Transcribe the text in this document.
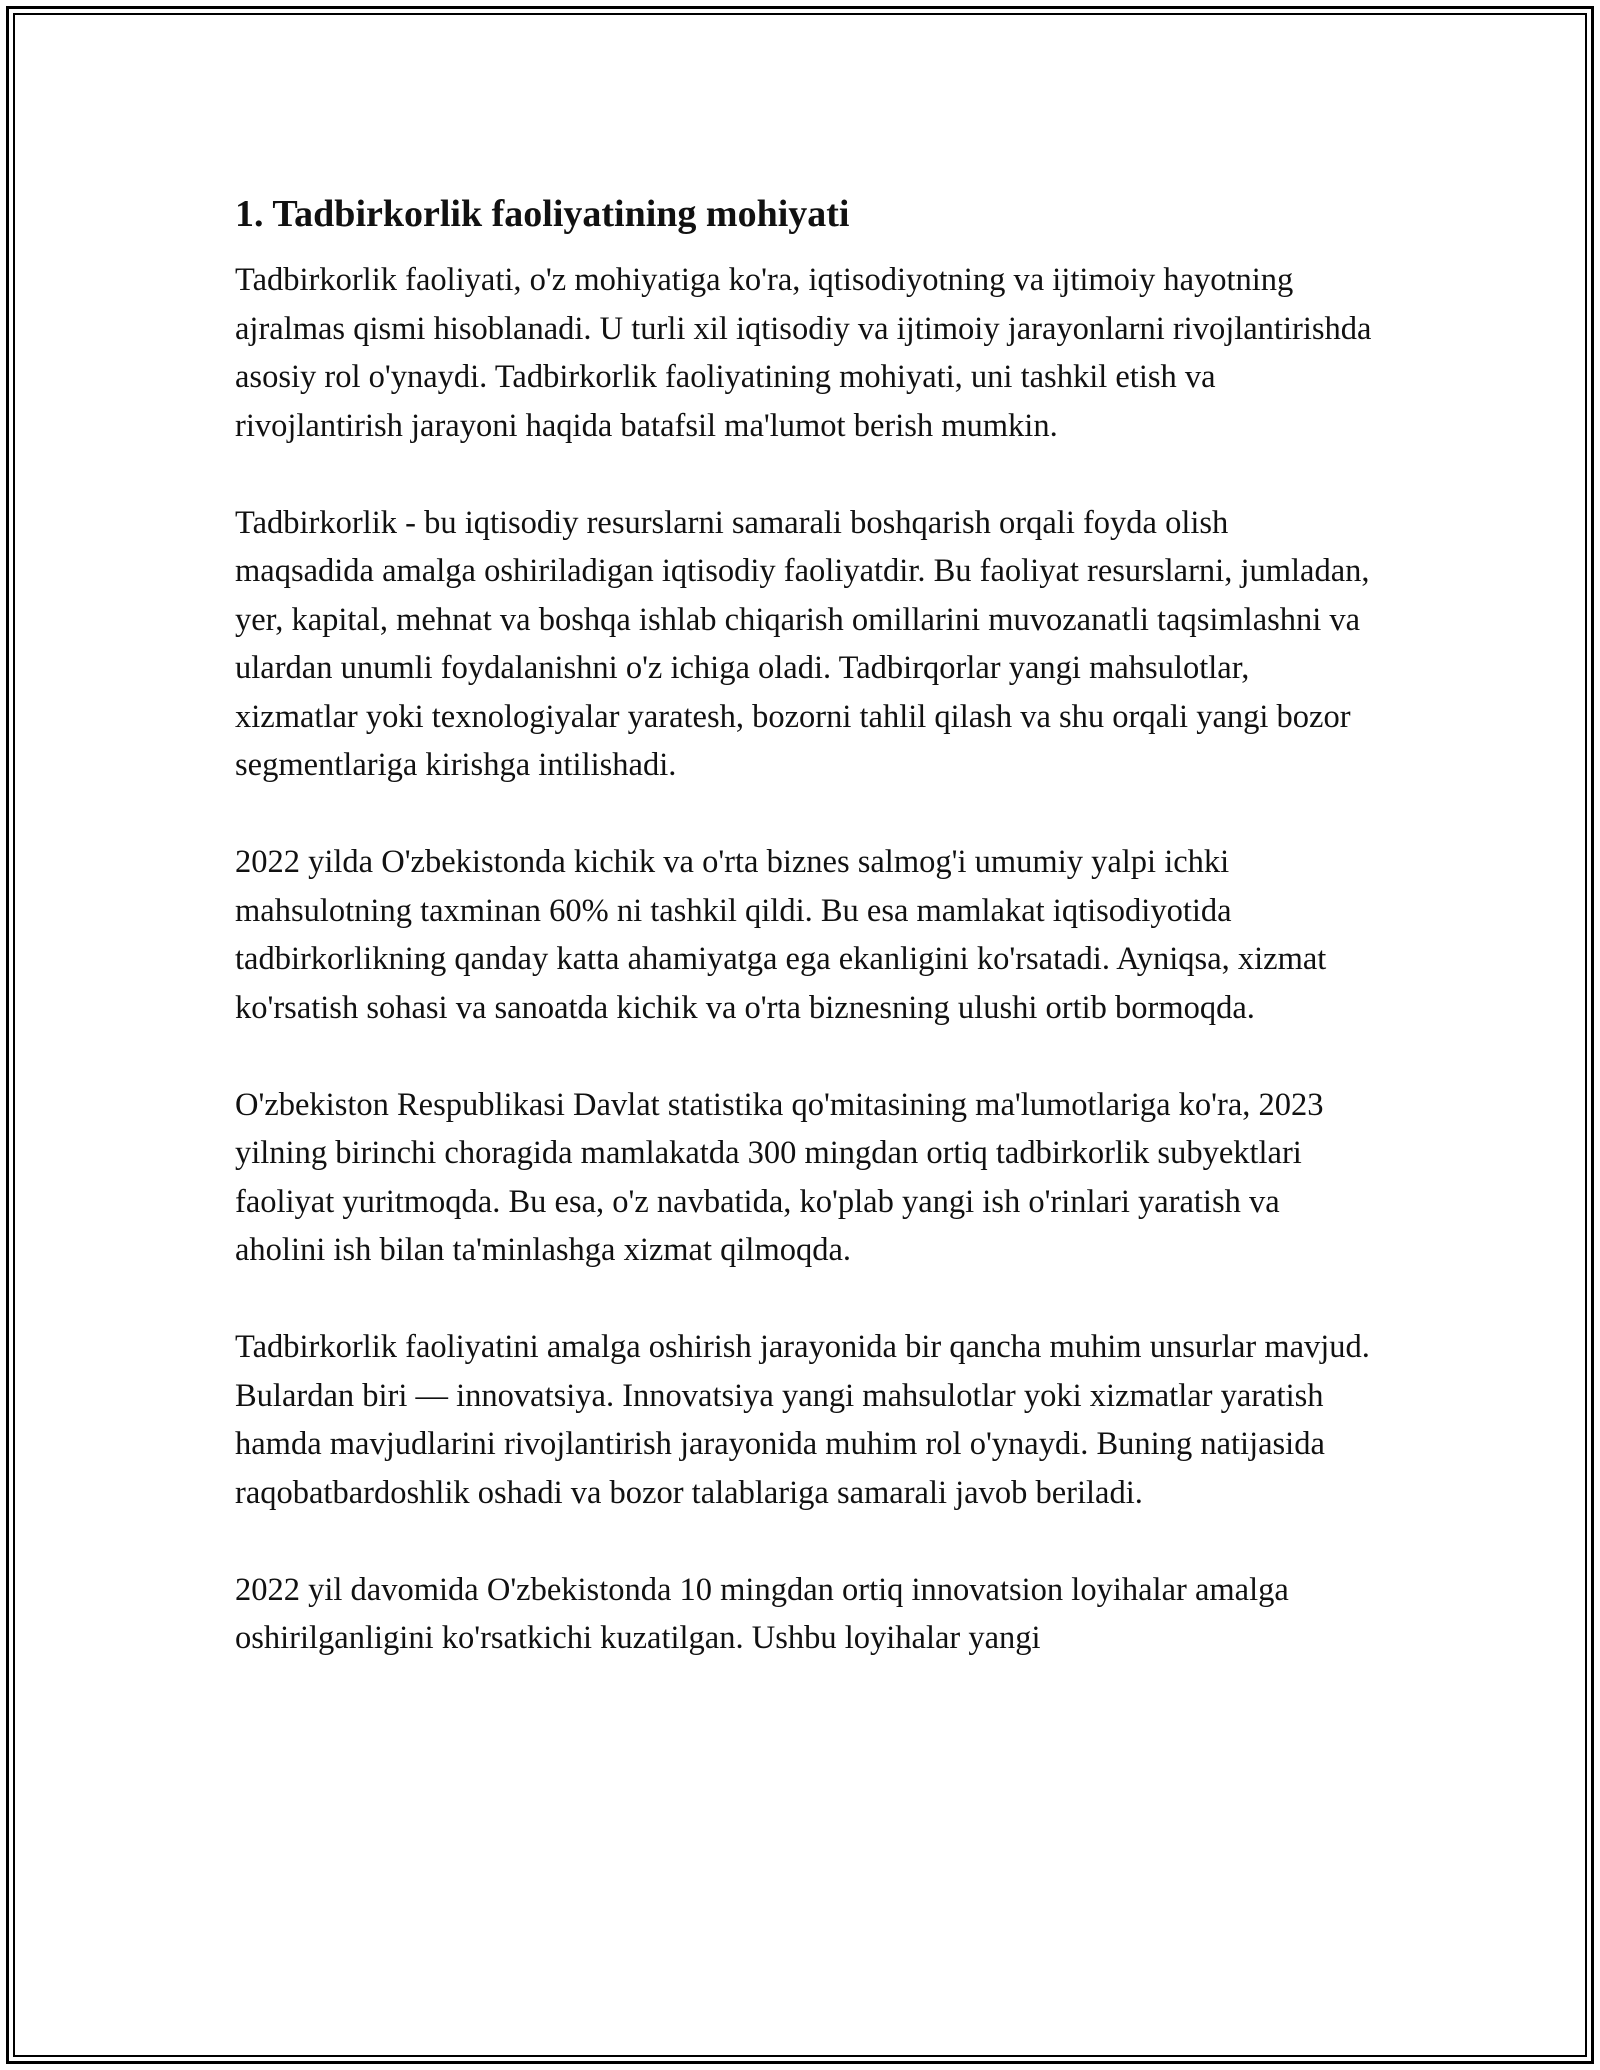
1. Tadbirkorlik faoliyatining mohiyati

Tadbirkorlik faoliyati, o'z mohiyatiga ko'ra, iqtisodiyotning va ijtimoiy hayotning ajralmas qismi hisoblanadi. U turli xil iqtisodiy va ijtimoiy jarayonlarni rivojlantirishda asosiy rol o'ynaydi. Tadbirkorlik faoliyatining mohiyati, uni tashkil etish va rivojlantirish jarayoni haqida batafsil ma'lumot berish mumkin.

Tadbirkorlik - bu iqtisodiy resurslarni samarali boshqarish orqali foyda olish maqsadida amalga oshiriladigan iqtisodiy faoliyatdir. Bu faoliyat resurslarni, jumladan, yer, kapital, mehnat va boshqa ishlab chiqarish omillarini muvozanatli taqsimlashni va ulardan unumli foydalanishni o'z ichiga oladi. Tadbirqorlar yangi mahsulotlar, xizmatlar yoki texnologiyalar yaratesh, bozorni tahlil qilash va shu orqali yangi bozor segmentlariga kirishga intilishadi.

2022 yilda O'zbekistonda kichik va o'rta biznes salmog'i umumiy yalpi ichki mahsulotning taxminan 60% ni tashkil qildi. Bu esa mamlakat iqtisodiyotida tadbirkorlikning qanday katta ahamiyatga ega ekanligini ko'rsatadi. Ayniqsa, xizmat ko'rsatish sohasi va sanoatda kichik va o'rta biznesning ulushi ortib bormoqda.

O'zbekiston Respublikasi Davlat statistika qo'mitasining ma'lumotlariga ko'ra, 2023 yilning birinchi choragida mamlakatda 300 mingdan ortiq tadbirkorlik subyektlari faoliyat yuritmoqda. Bu esa, o'z navbatida, ko'plab yangi ish o'rinlari yaratish va aholini ish bilan ta'minlashga xizmat qilmoqda.

Tadbirkorlik faoliyatini amalga oshirish jarayonida bir qancha muhim unsurlar mavjud. Bulardan biri — innovatsiya. Innovatsiya yangi mahsulotlar yoki xizmatlar yaratish hamda mavjudlarini rivojlantirish jarayonida muhim rol o'ynaydi. Buning natijasida raqobatbardoshlik oshadi va bozor talablariga samarali javob beriladi.

2022 yil davomida O'zbekistonda 10 mingdan ortiq innovatsion loyihalar amalga oshirilganligini ko'rsatkichi kuzatilgan. Ushbu loyihalar yangi
